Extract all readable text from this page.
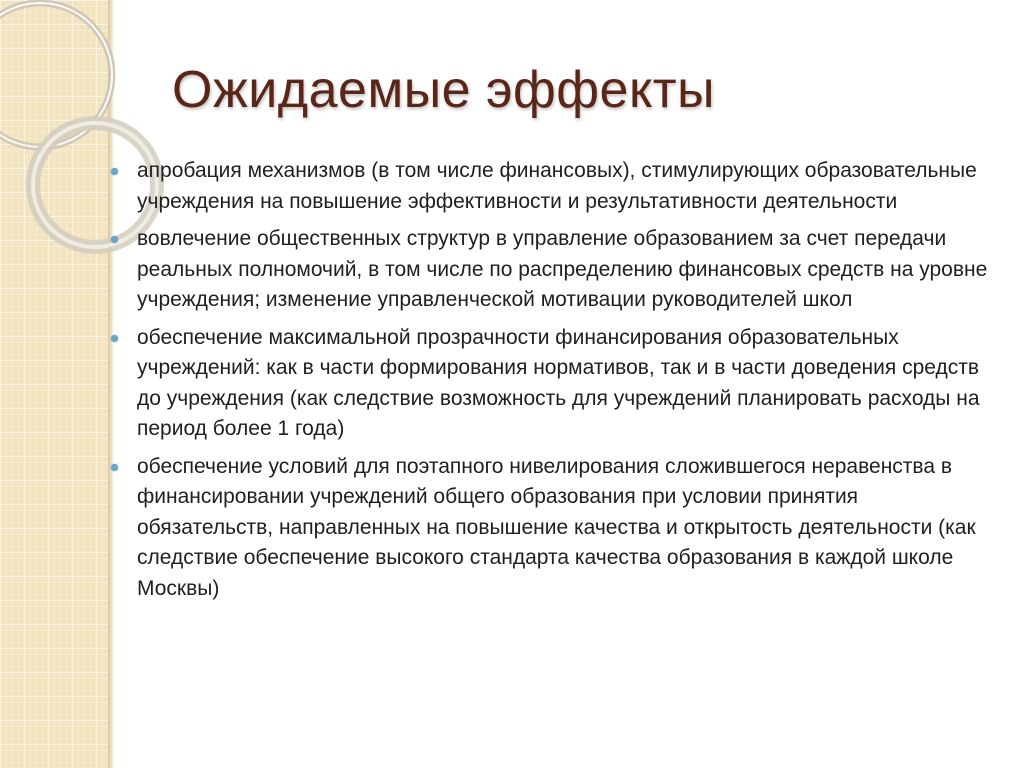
Ожидаемые эффекты
апробация механизмов (в том числе финансовых), стимулирующих образовательные учреждения на повышение эффективности и результативности деятельности
вовлечение общественных структур в управление образованием за счет передачи реальных полномочий, в том числе по распределению финансовых средств на уровне учреждения; изменение управленческой мотивации руководителей школ
обеспечение максимальной прозрачности финансирования образовательных учреждений: как в части формирования нормативов, так и в части доведения средств до учреждения (как следствие возможность для учреждений планировать расходы на период более 1 года)
обеспечение условий для поэтапного нивелирования сложившегося неравенства в финансировании учреждений общего образования при условии принятия обязательств, направленных на повышение качества и открытость деятельности (как следствие обеспечение высокого стандарта качества образования в каждой школе Москвы)
